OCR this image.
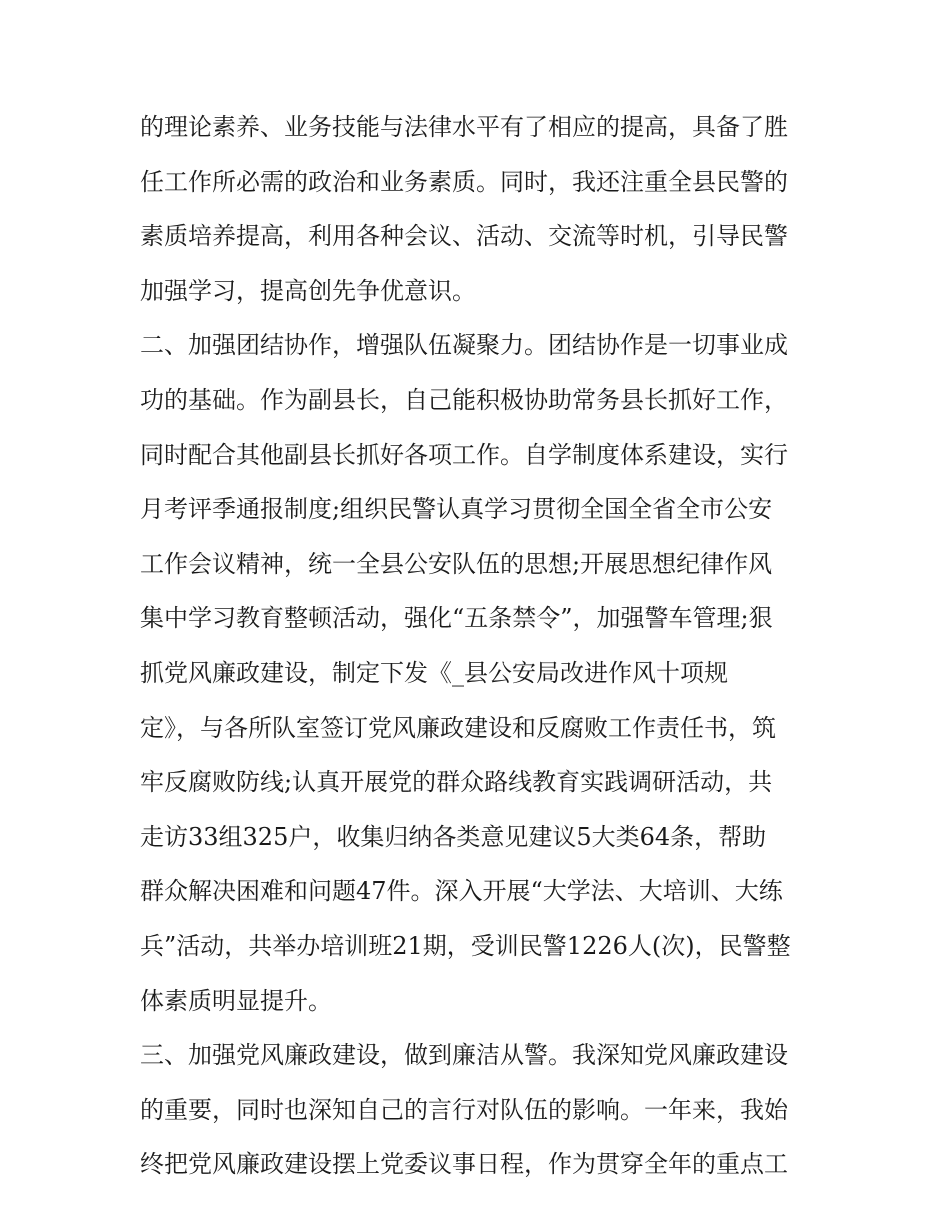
的理论素养、业务技能与法律水平有了相应的提高，具备了胜
任工作所必需的政治和业务素质。同时，我还注重全县民警的
素质培养提高，利用各种会议、活动、交流等时机，引导民警
加强学习，提高创先争优意识。
二、加强团结协作，增强队伍凝聚力。团结协作是一切事业成
功的基础。作为副县长，自己能积极协助常务县长抓好工作，
同时配合其他副县长抓好各项工作。自学制度体系建设，实行
月考评季通报制度;组织民警认真学习贯彻全国全省全市公安
工作会议精神，统一全县公安队伍的思想;开展思想纪律作风
集中学习教育整顿活动，强化“五条禁令”，加强警车管理;狠
抓党风廉政建设，制定下发《_县公安局改进作风十项规
定》，与各所队室签订党风廉政建设和反腐败工作责任书，筑
牢反腐败防线;认真开展党的群众路线教育实践调研活动，共
走访33组325户，收集归纳各类意见建议5大类64条，帮助
群众解决困难和问题47件。深入开展“大学法、大培训、大练
兵”活动，共举办培训班21期，受训民警1226人(次)，民警整
体素质明显提升。
三、加强党风廉政建设，做到廉洁从警。我深知党风廉政建设
的重要，同时也深知自己的言行对队伍的影响。一年来，我始
终把党风廉政建设摆上党委议事日程，作为贯穿全年的重点工
